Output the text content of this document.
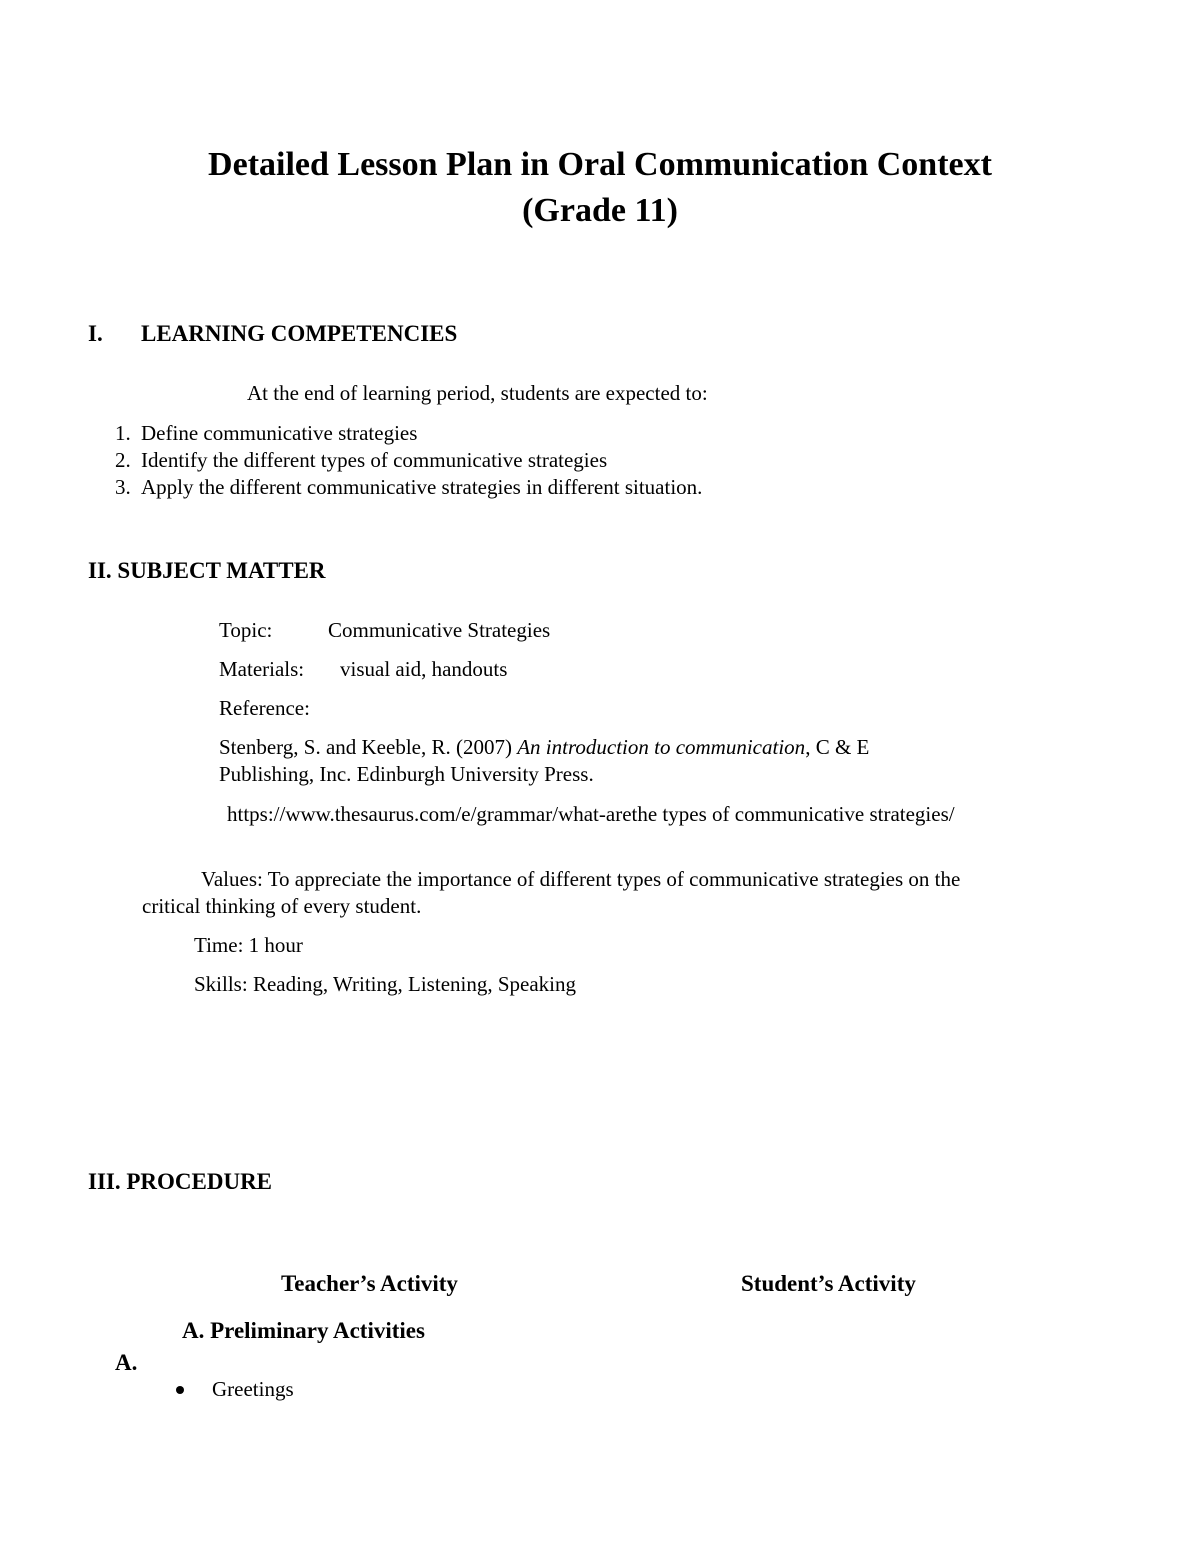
Detailed Lesson Plan in Oral Communication Context
(Grade 11)
I. LEARNING COMPETENCIES
At the end of learning period, students are expected to:
1. Define communicative strategies
2. Identify the different types of communicative strategies
3. Apply the different communicative strategies in different situation.
II. SUBJECT MATTER
Topic:	Communicative Strategies
Materials: visual aid, handouts
Reference:
Stenberg, S. and Keeble, R. (2007) An introduction to communication, C & E
Publishing, Inc. Edinburgh University Press.
https://www.thesaurus.com/e/grammar/what-arethe types of communicative strategies/
Values: To appreciate the importance of different types of communicative strategies on the
critical thinking of every student.
Time: 1 hour
Skills: Reading, Writing, Listening, Speaking
III. PROCEDURE
Teacher’s Activity	Student’s Activity
A. Preliminary Activities
A.
Greetings
